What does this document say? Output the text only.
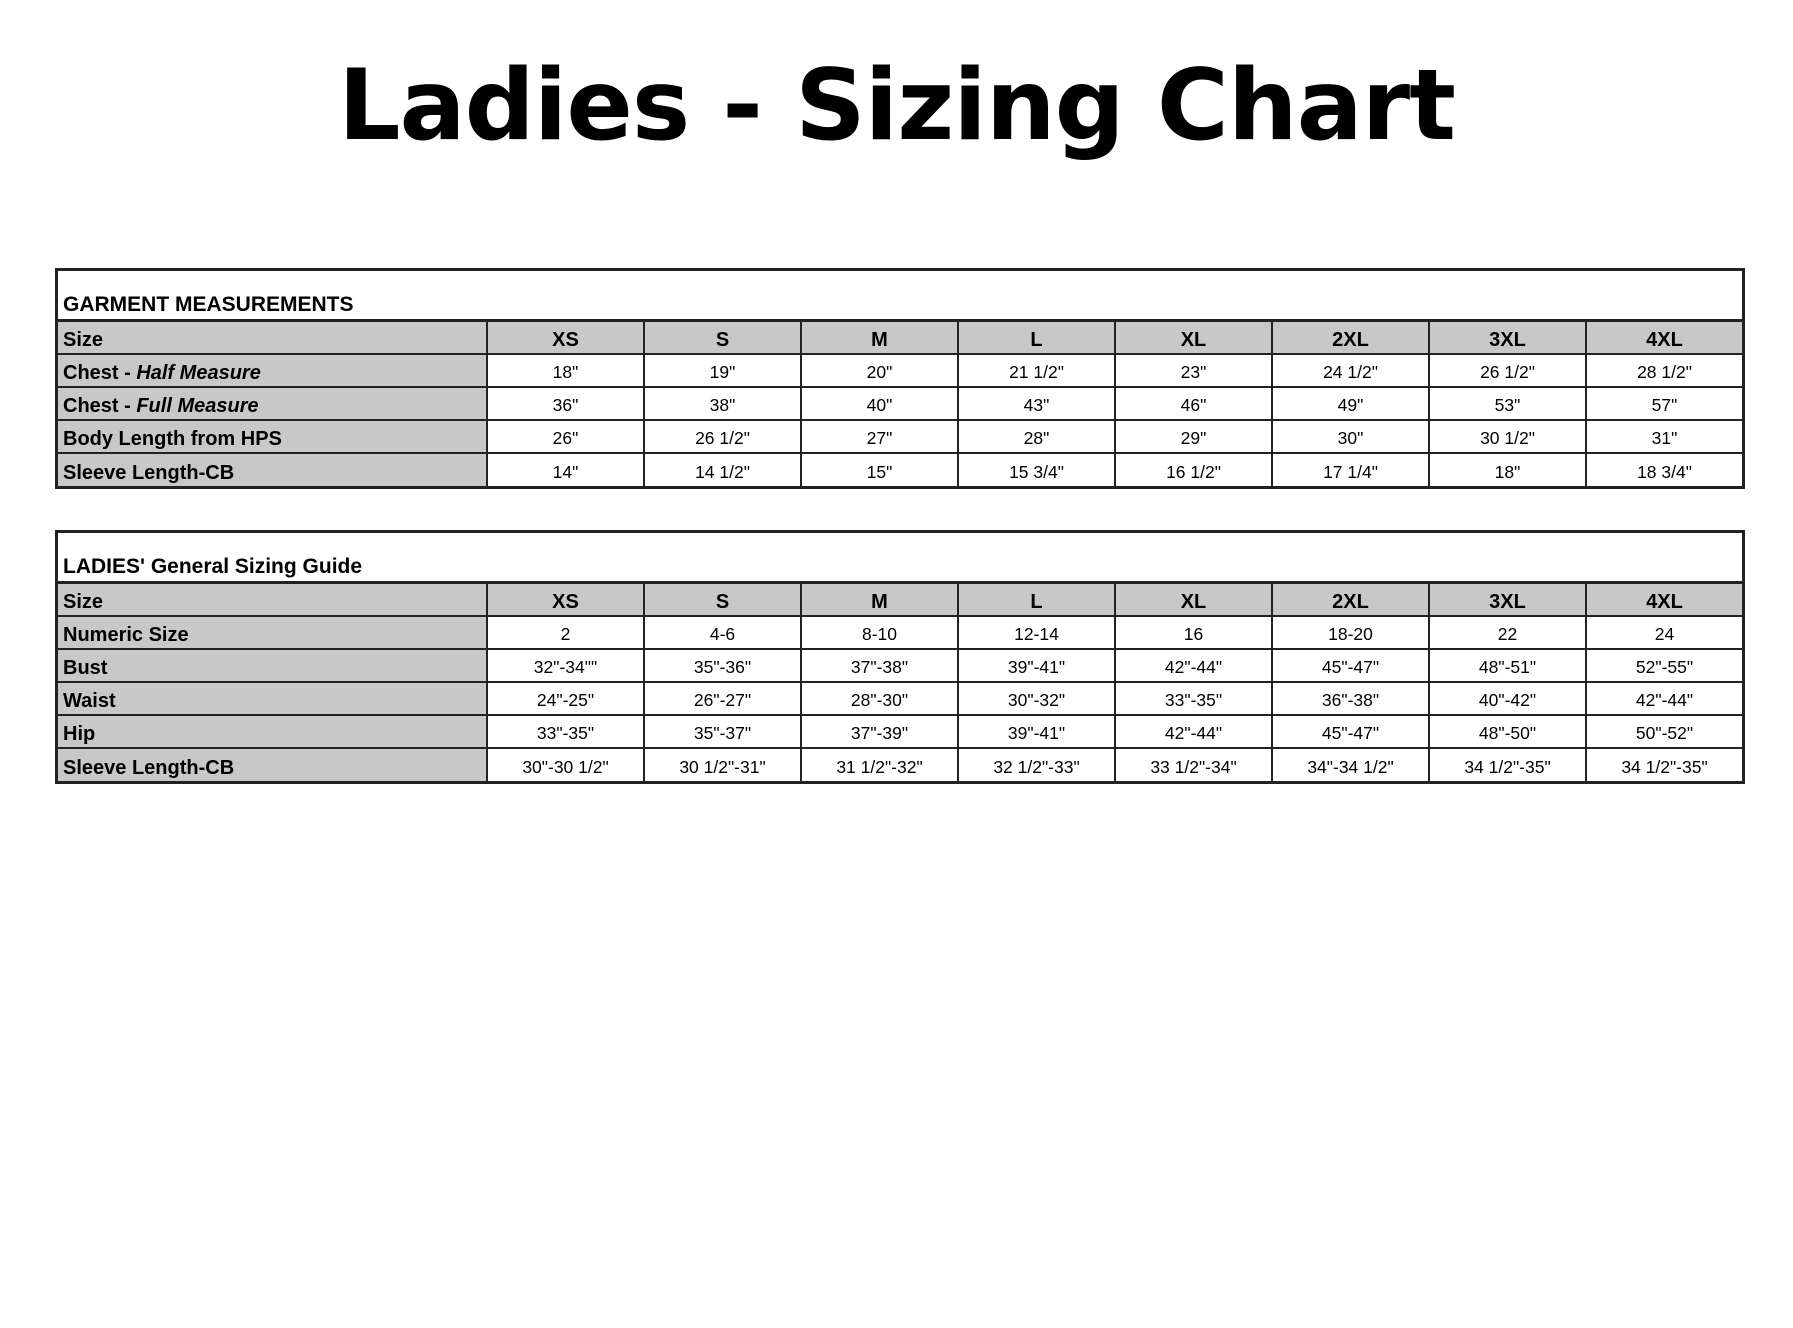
Ladies - Sizing Chart
GARMENT MEASUREMENTS
Size	XS	S	M	L	XL	2XL	3XL	4XL
Chest - Half Measure	18"	19"	20"	21 1/2"	23"	24 1/2"	26 1/2"	28 1/2"
Chest - Full Measure	36"	38"	40"	43"	46"	49"	53"	57"
Body Length from HPS	26"	26 1/2"	27"	28"	29"	30"	30 1/2"	31"
Sleeve Length-CB	14"	14 1/2"	15"	15 3/4"	16 1/2"	17 1/4"	18"	18 3/4"
LADIES' General Sizing Guide
Size	XS	S	M	L	XL	2XL	3XL	4XL
Numeric Size	2	4-6	8-10	12-14	16	18-20	22	24
Bust	32"-34""	35"-36"	37"-38"	39"-41"	42"-44"	45"-47"	48"-51"	52"-55"
Waist	24"-25"	26"-27"	28"-30"	30"-32"	33"-35"	36"-38"	40"-42"	42"-44"
Hip	33"-35"	35"-37"	37"-39"	39"-41"	42"-44"	45"-47"	48"-50"	50"-52"
Sleeve Length-CB	30"-30 1/2"	30 1/2"-31"	31 1/2"-32"	32 1/2"-33"	33 1/2"-34"	34"-34 1/2"	34 1/2"-35"	34 1/2"-35"
